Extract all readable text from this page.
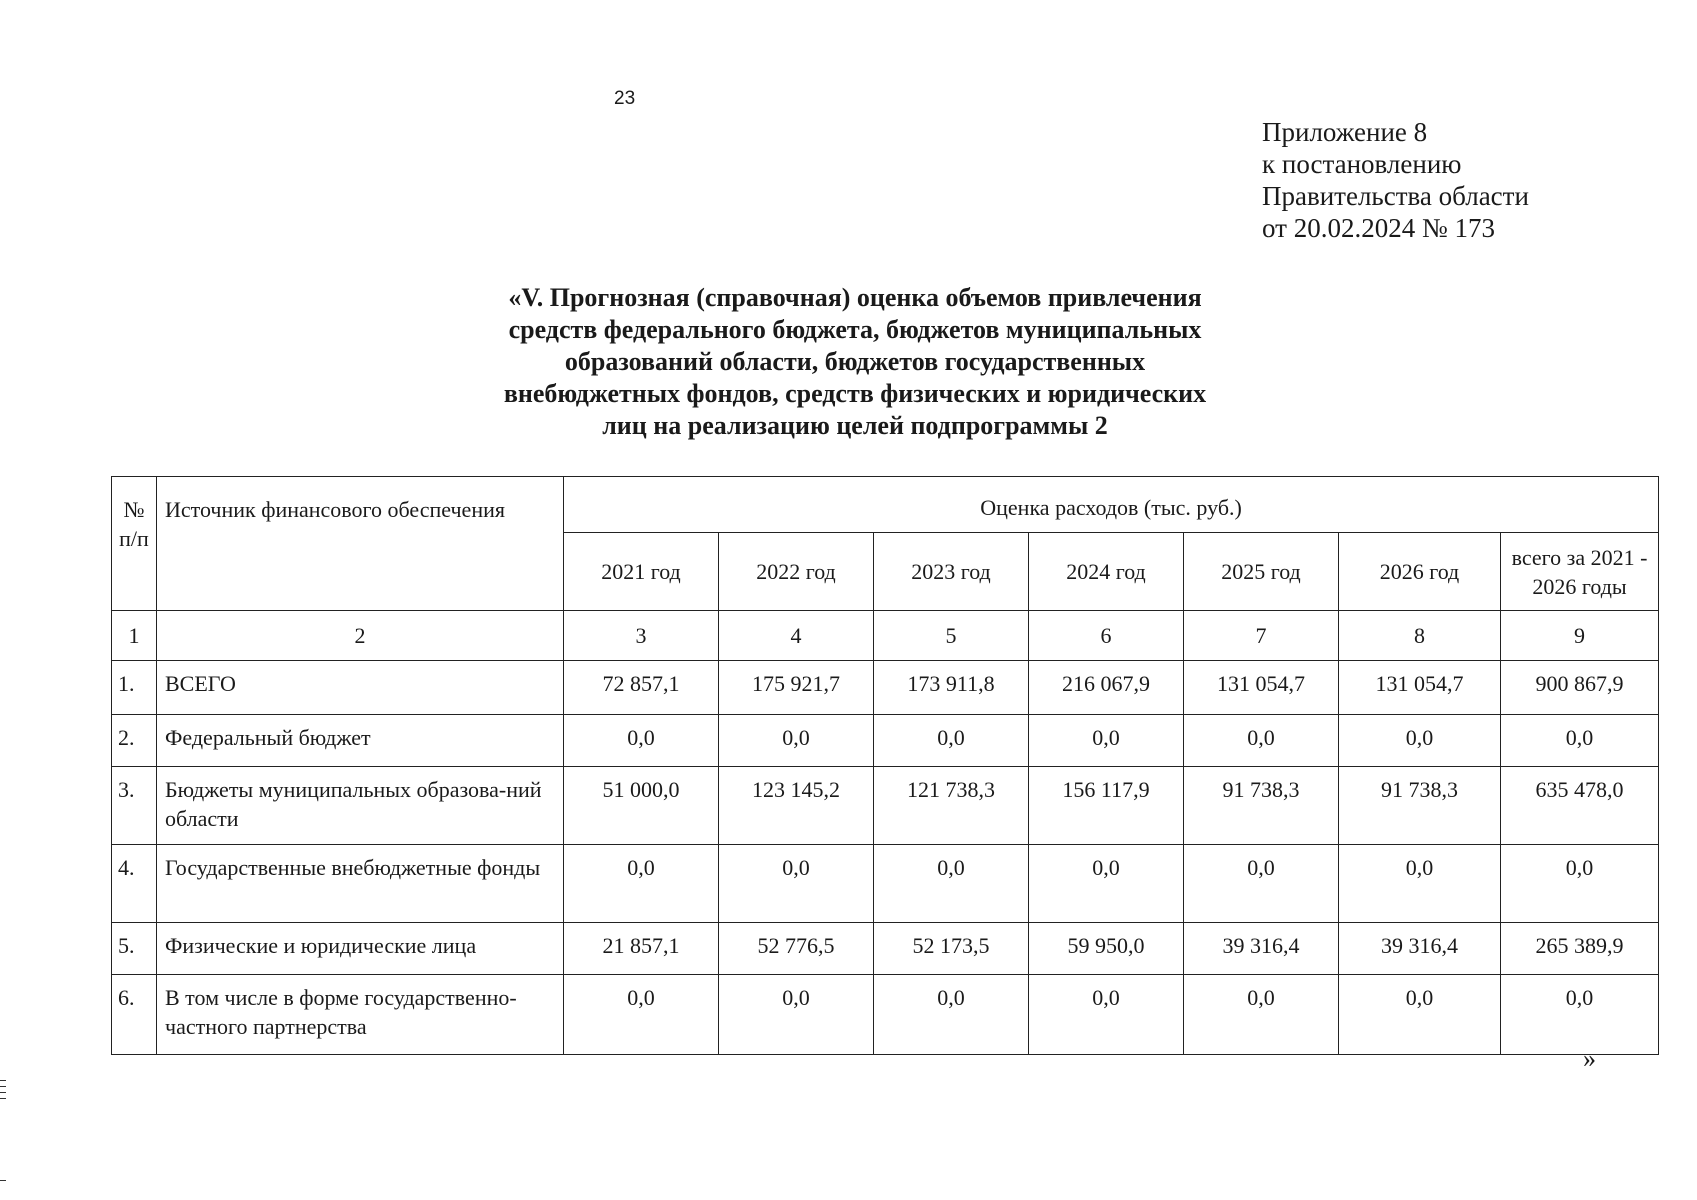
23
Приложение 8
к постановлению
Правительства области
от 20.02.2024 № 173
«V. Прогнозная (справочная) оценка объемов привлечения
средств федерального бюджета, бюджетов муниципальных
образований области, бюджетов государственных
внебюджетных фондов, средств физических и юридических
лиц на реализацию целей подпрограммы 2
№ п/п	Источник финансового обеспечения	Оценка расходов (тыс. руб.)						
		2021 год	2022 год	2023 год	2024 год	2025 год	2026 год	всего за 2021 - 2026 годы
1	2	3	4	5	6	7	8	9
1.	ВСЕГО	72 857,1	175 921,7	173 911,8	216 067,9	131 054,7	131 054,7	900 867,9
2.	Федеральный бюджет	0,0	0,0	0,0	0,0	0,0	0,0	0,0
3.	Бюджеты муниципальных образова-ний области	51 000,0	123 145,2	121 738,3	156 117,9	91 738,3	91 738,3	635 478,0
4.	Государственные внебюджетные фонды	0,0	0,0	0,0	0,0	0,0	0,0	0,0
5.	Физические и юридические лица	21 857,1	52 776,5	52 173,5	59 950,0	39 316,4	39 316,4	265 389,9
6.	В том числе в форме государственно-частного партнерства	0,0	0,0	0,0	0,0	0,0	0,0	0,0
»
